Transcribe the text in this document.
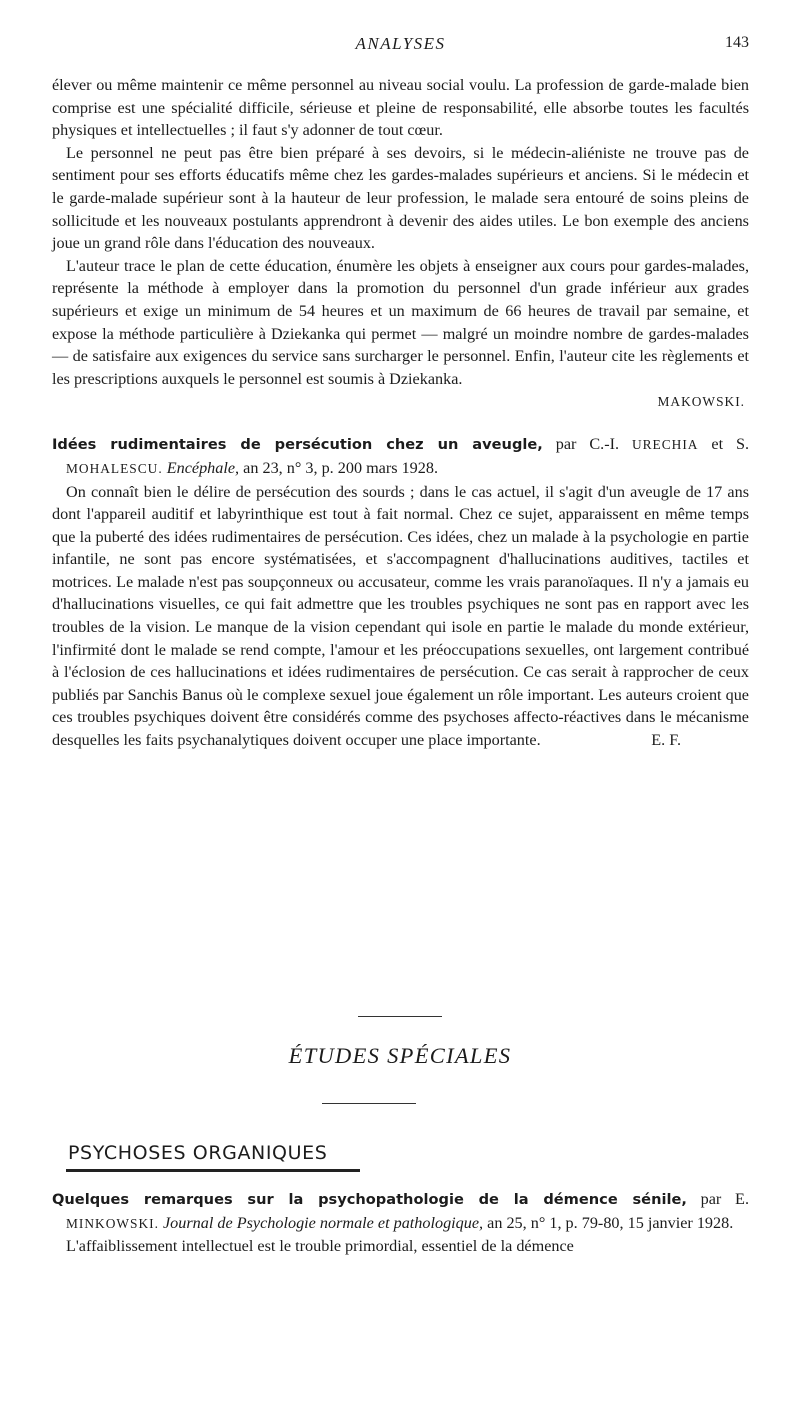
ANALYSES	143

élever ou même maintenir ce même personnel au niveau social voulu. La profession de garde-malade bien comprise est une spécialité difficile, sérieuse et pleine de responsabilité, elle absorbe toutes les facultés physiques et intellectuelles ; il faut s'y adonner de tout cœur.

Le personnel ne peut pas être bien préparé à ses devoirs, si le médecin-aliéniste ne trouve pas de sentiment pour ses efforts éducatifs même chez les gardes-malades supérieurs et anciens. Si le médecin et le garde-malade supérieur sont à la hauteur de leur profession, le malade sera entouré de soins pleins de sollicitude et les nouveaux postulants apprendront à devenir des aides utiles. Le bon exemple des anciens joue un grand rôle dans l'éducation des nouveaux.

L'auteur trace le plan de cette éducation, énumère les objets à enseigner aux cours pour gardes-malades, représente la méthode à employer dans la promotion du personnel d'un grade inférieur aux grades supérieurs et exige un minimum de 54 heures et un maximum de 66 heures de travail par semaine, et expose la méthode particulière à Dziekanka qui permet — malgré un moindre nombre de gardes-malades — de satisfaire aux exigences du service sans surcharger le personnel. Enfin, l'auteur cite les règlements et les prescriptions auxquels le personnel est soumis à Dziekanka.

MAKOWSKI.
Idées rudimentaires de persécution chez un aveugle, par C.-I. URECHIA et S. MOHALESCU. Encéphale, an 23, n° 3, p. 200 mars 1928.

On connaît bien le délire de persécution des sourds ; dans le cas actuel, il s'agit d'un aveugle de 17 ans dont l'appareil auditif et labyrinthique est tout à fait normal. Chez ce sujet, apparaissent en même temps que la puberté des idées rudimentaires de persécution. Ces idées, chez un malade à la psychologie en partie infantile, ne sont pas encore systématisées, et s'accompagnent d'hallucinations auditives, tactiles et motrices. Le malade n'est pas soupçonneux ou accusateur, comme les vrais paranoïaques. Il n'y a jamais eu d'hallucinations visuelles, ce qui fait admettre que les troubles psychiques ne sont pas en rapport avec les troubles de la vision. Le manque de la vision cependant qui isole en partie le malade du monde extérieur, l'infirmité dont le malade se rend compte, l'amour et les préoccupations sexuelles, ont largement contribué à l'éclosion de ces hallucinations et idées rudimentaires de persécution. Ce cas serait à rapprocher de ceux publiés par Sanchis Banus où le complexe sexuel joue également un rôle important. Les auteurs croient que ces troubles psychiques doivent être considérés comme des psychoses affecto-réactives dans le mécanisme desquelles les faits psychanalytiques doivent occuper une place importante.	E. F.

ÉTUDES SPÉCIALES
PSYCHOSES ORGANIQUES
Quelques remarques sur la psychopathologie de la démence sénile, par E. MINKOWSKI. Journal de Psychologie normale et pathologique, an 25, n° 1, p. 79-80, 15 janvier 1928.

L'affaiblissement intellectuel est le trouble primordial, essentiel de la démence
